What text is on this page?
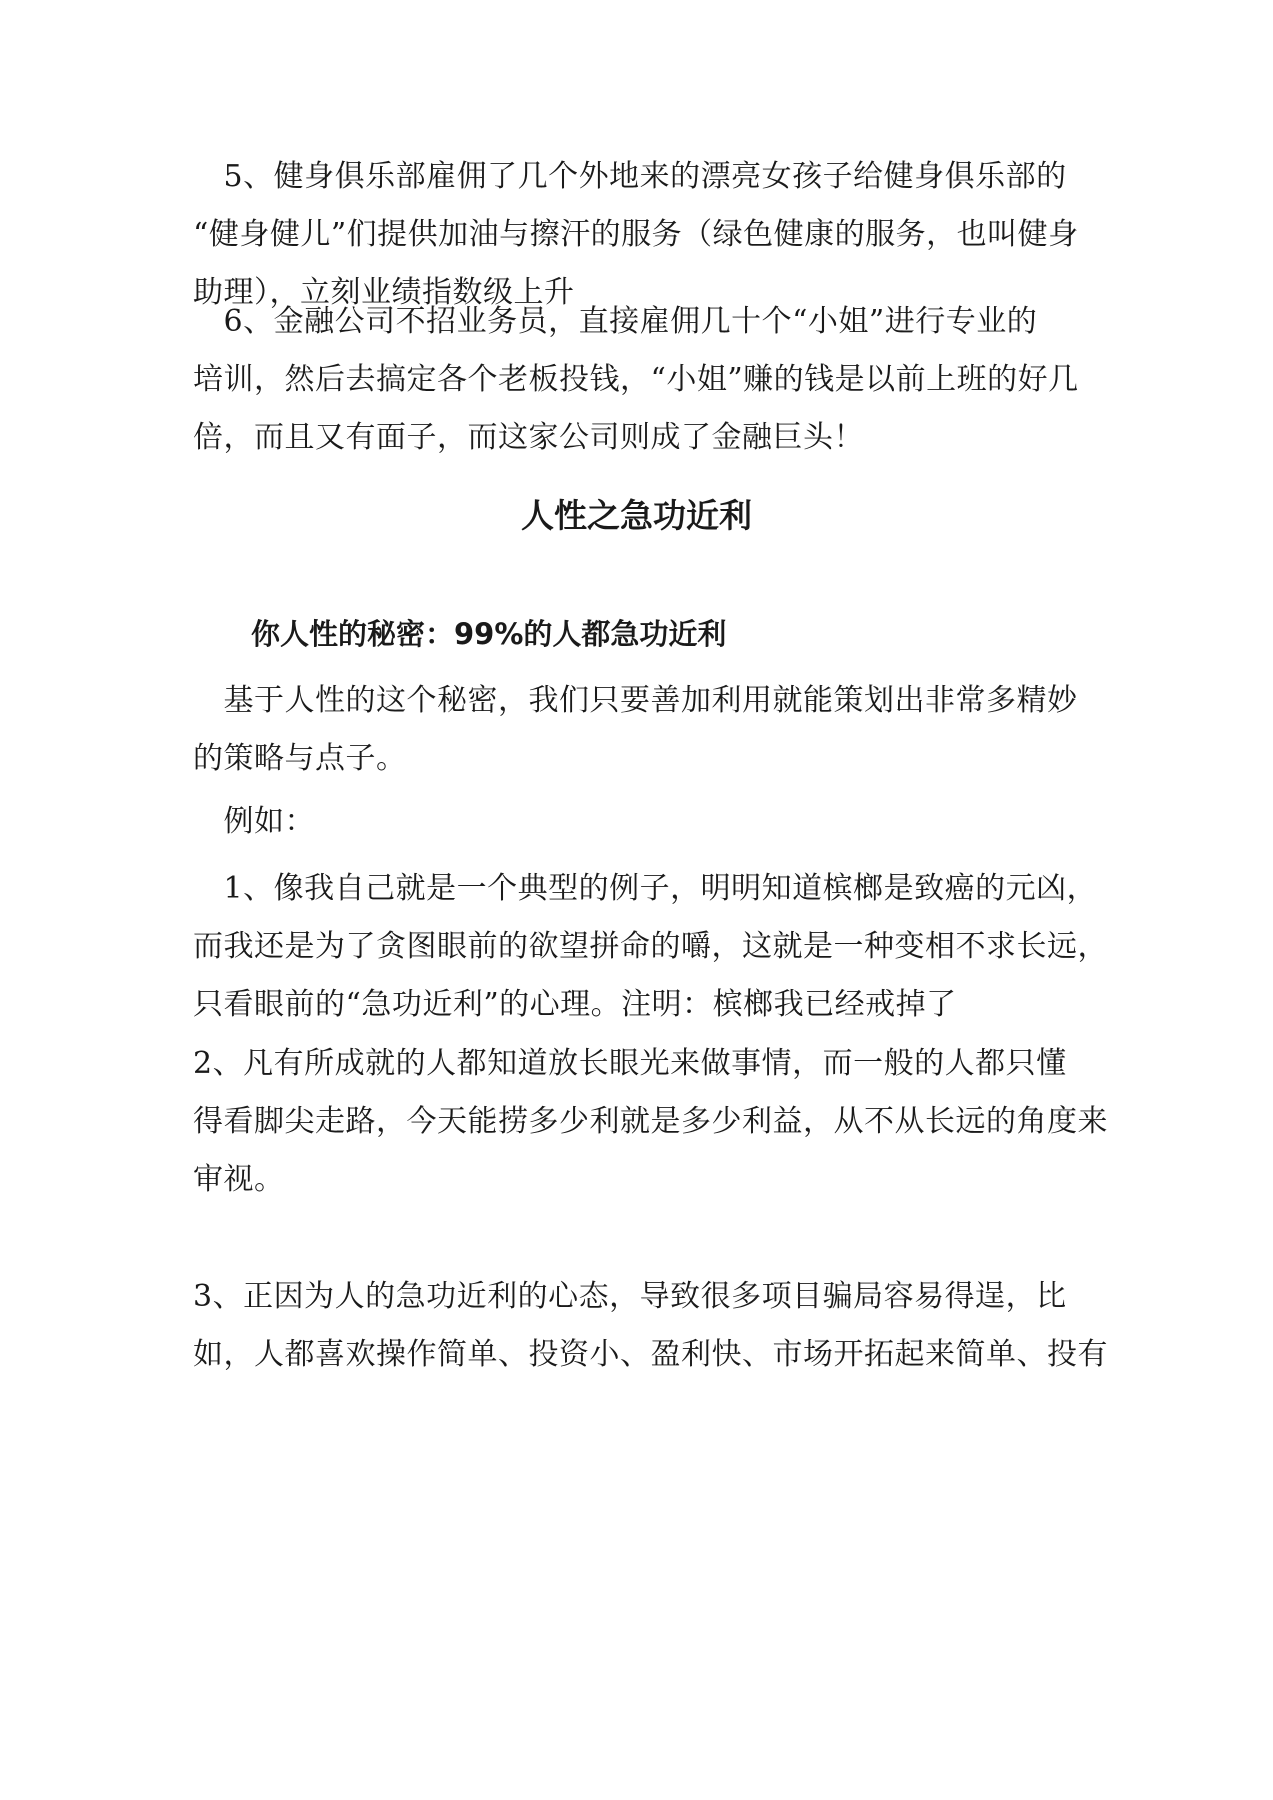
　5、健身俱乐部雇佣了几个外地来的漂亮女孩子给健身俱乐部的
“健身健儿”们提供加油与擦汗的服务（绿色健康的服务，也叫健身
助理），立刻业绩指数级上升
　6、金融公司不招业务员，直接雇佣几十个“小姐”进行专业的
培训，然后去搞定各个老板投钱，“小姐”赚的钱是以前上班的好几
倍，而且又有面子，而这家公司则成了金融巨头！
人性之急功近利
你人性的秘密：99%的人都急功近利
　基于人性的这个秘密，我们只要善加利用就能策划出非常多精妙
的策略与点子。
　例如：
　1、像我自己就是一个典型的例子，明明知道槟榔是致癌的元凶，
而我还是为了贪图眼前的欲望拼命的嚼，这就是一种变相不求长远，
只看眼前的“急功近利”的心理。注明：槟榔我已经戒掉了
2、凡有所成就的人都知道放长眼光来做事情，而一般的人都只懂
得看脚尖走路，今天能捞多少利就是多少利益，从不从长远的角度来
审视。
3、正因为人的急功近利的心态，导致很多项目骗局容易得逞，比
如，人都喜欢操作简单、投资小、盈利快、市场开拓起来简单、投有
